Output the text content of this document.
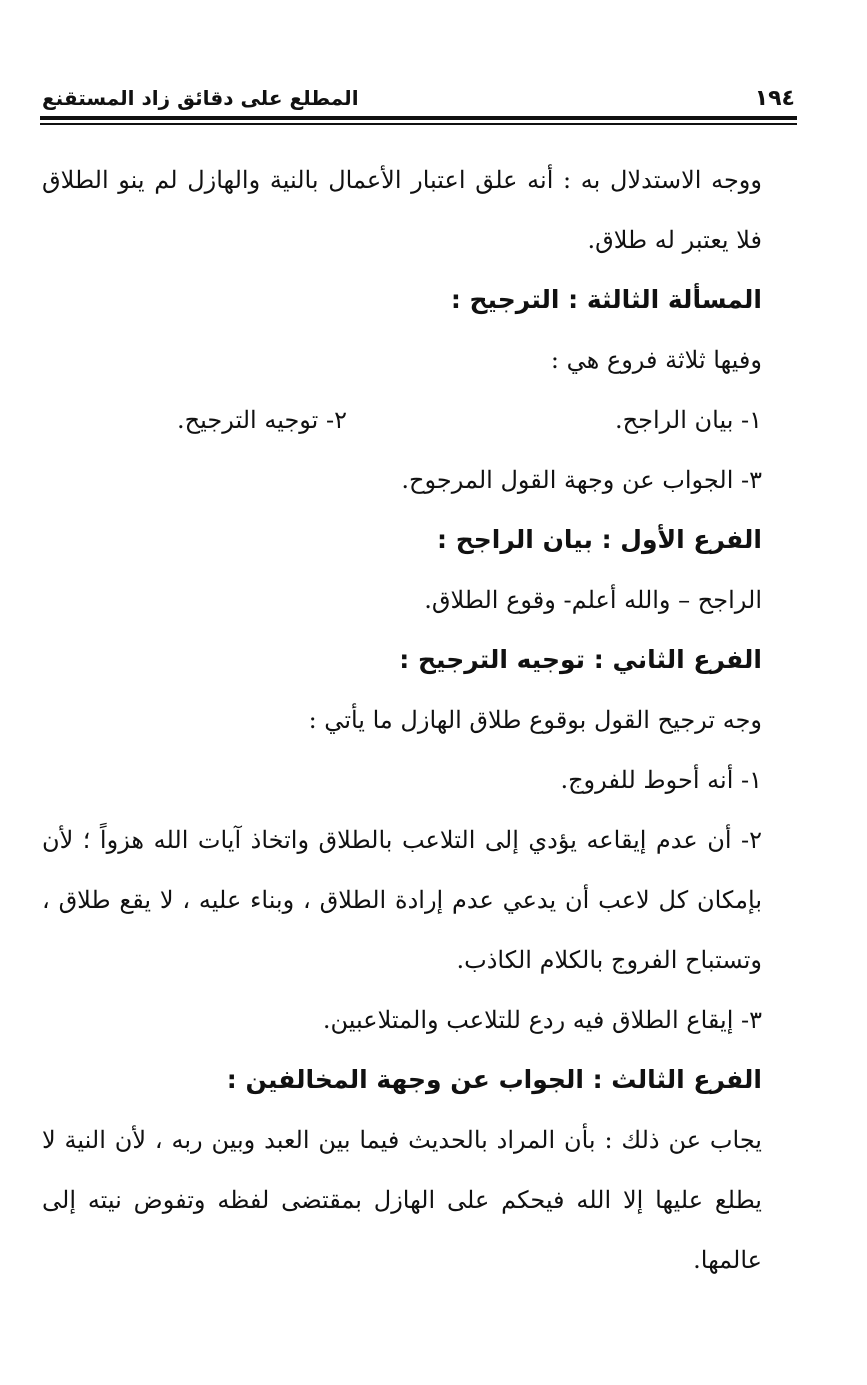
١٩٤
المطلع على دقائق زاد المستقنع

ووجه الاستدلال به : أنه علق اعتبار الأعمال بالنية والهازل لم ينو الطلاق فلا يعتبر له طلاق.

المسألة الثالثة : الترجيح :

وفيها ثلاثة فروع هي :

١- بيان الراجح.
٢- توجيه الترجيح.

٣- الجواب عن وجهة القول المرجوح.

الفرع الأول : بيان الراجح :

الراجح – والله أعلم- وقوع الطلاق.

الفرع الثاني : توجيه الترجيح :

وجه ترجيح القول بوقوع طلاق الهازل ما يأتي :

١- أنه أحوط للفروج.

٢- أن عدم إيقاعه يؤدي إلى التلاعب بالطلاق واتخاذ آيات الله هزواً ؛ لأن بإمكان كل لاعب أن يدعي عدم إرادة الطلاق ، وبناء عليه ، لا يقع طلاق ، وتستباح الفروج بالكلام الكاذب.

٣- إيقاع الطلاق فيه ردع للتلاعب والمتلاعبين.

الفرع الثالث : الجواب عن وجهة المخالفين :

يجاب عن ذلك : بأن المراد بالحديث فيما بين العبد وبين ربه ، لأن النية لا يطلع عليها إلا الله فيحكم على الهازل بمقتضى لفظه وتفوض نيته إلى عالمها.
